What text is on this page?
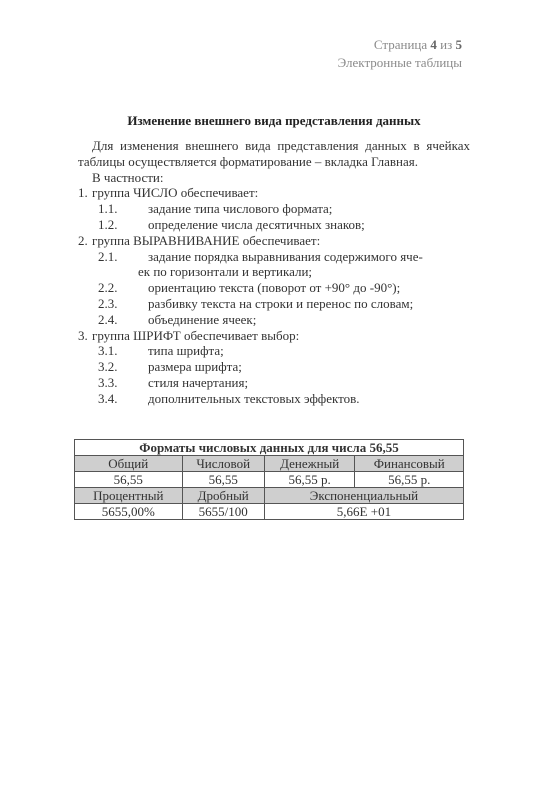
Страница 4 из 5
Электронные таблицы
Изменение внешнего вида представления данных

Для изменения внешнего вида представления данных в ячейках таблицы осуществляется форматирование – вкладка Главная.

В частности:

1. группа ЧИСЛО обеспечивает:
1.1.	задание типа числового формата;
1.2.	определение числа десятичных знаков;
2. группа ВЫРАВНИВАНИЕ обеспечивает:
2.1.	задание порядка выравнивания содержимого яче-
ек по горизонтали и вертикали;
2.2.	ориентацию текста (поворот от +90° до -90°);
2.3.	разбивку текста на строки и перенос по словам;
2.4.	объединение ячеек;
3. группа ШРИФТ обеспечивает выбор:
3.1.	типа шрифта;
3.2.	размера шрифта;
3.3.	стиля начертания;
3.4.	дополнительных текстовых эффектов.
Форматы числовых данных для числа 56,55			
Общий	Числовой	Денежный	Финансовый
56,55	56,55	56,55 р.	56,55 р.
Процентный	Дробный	Экспоненциальный	
5655,00%	5655/100	5,66E +01	
